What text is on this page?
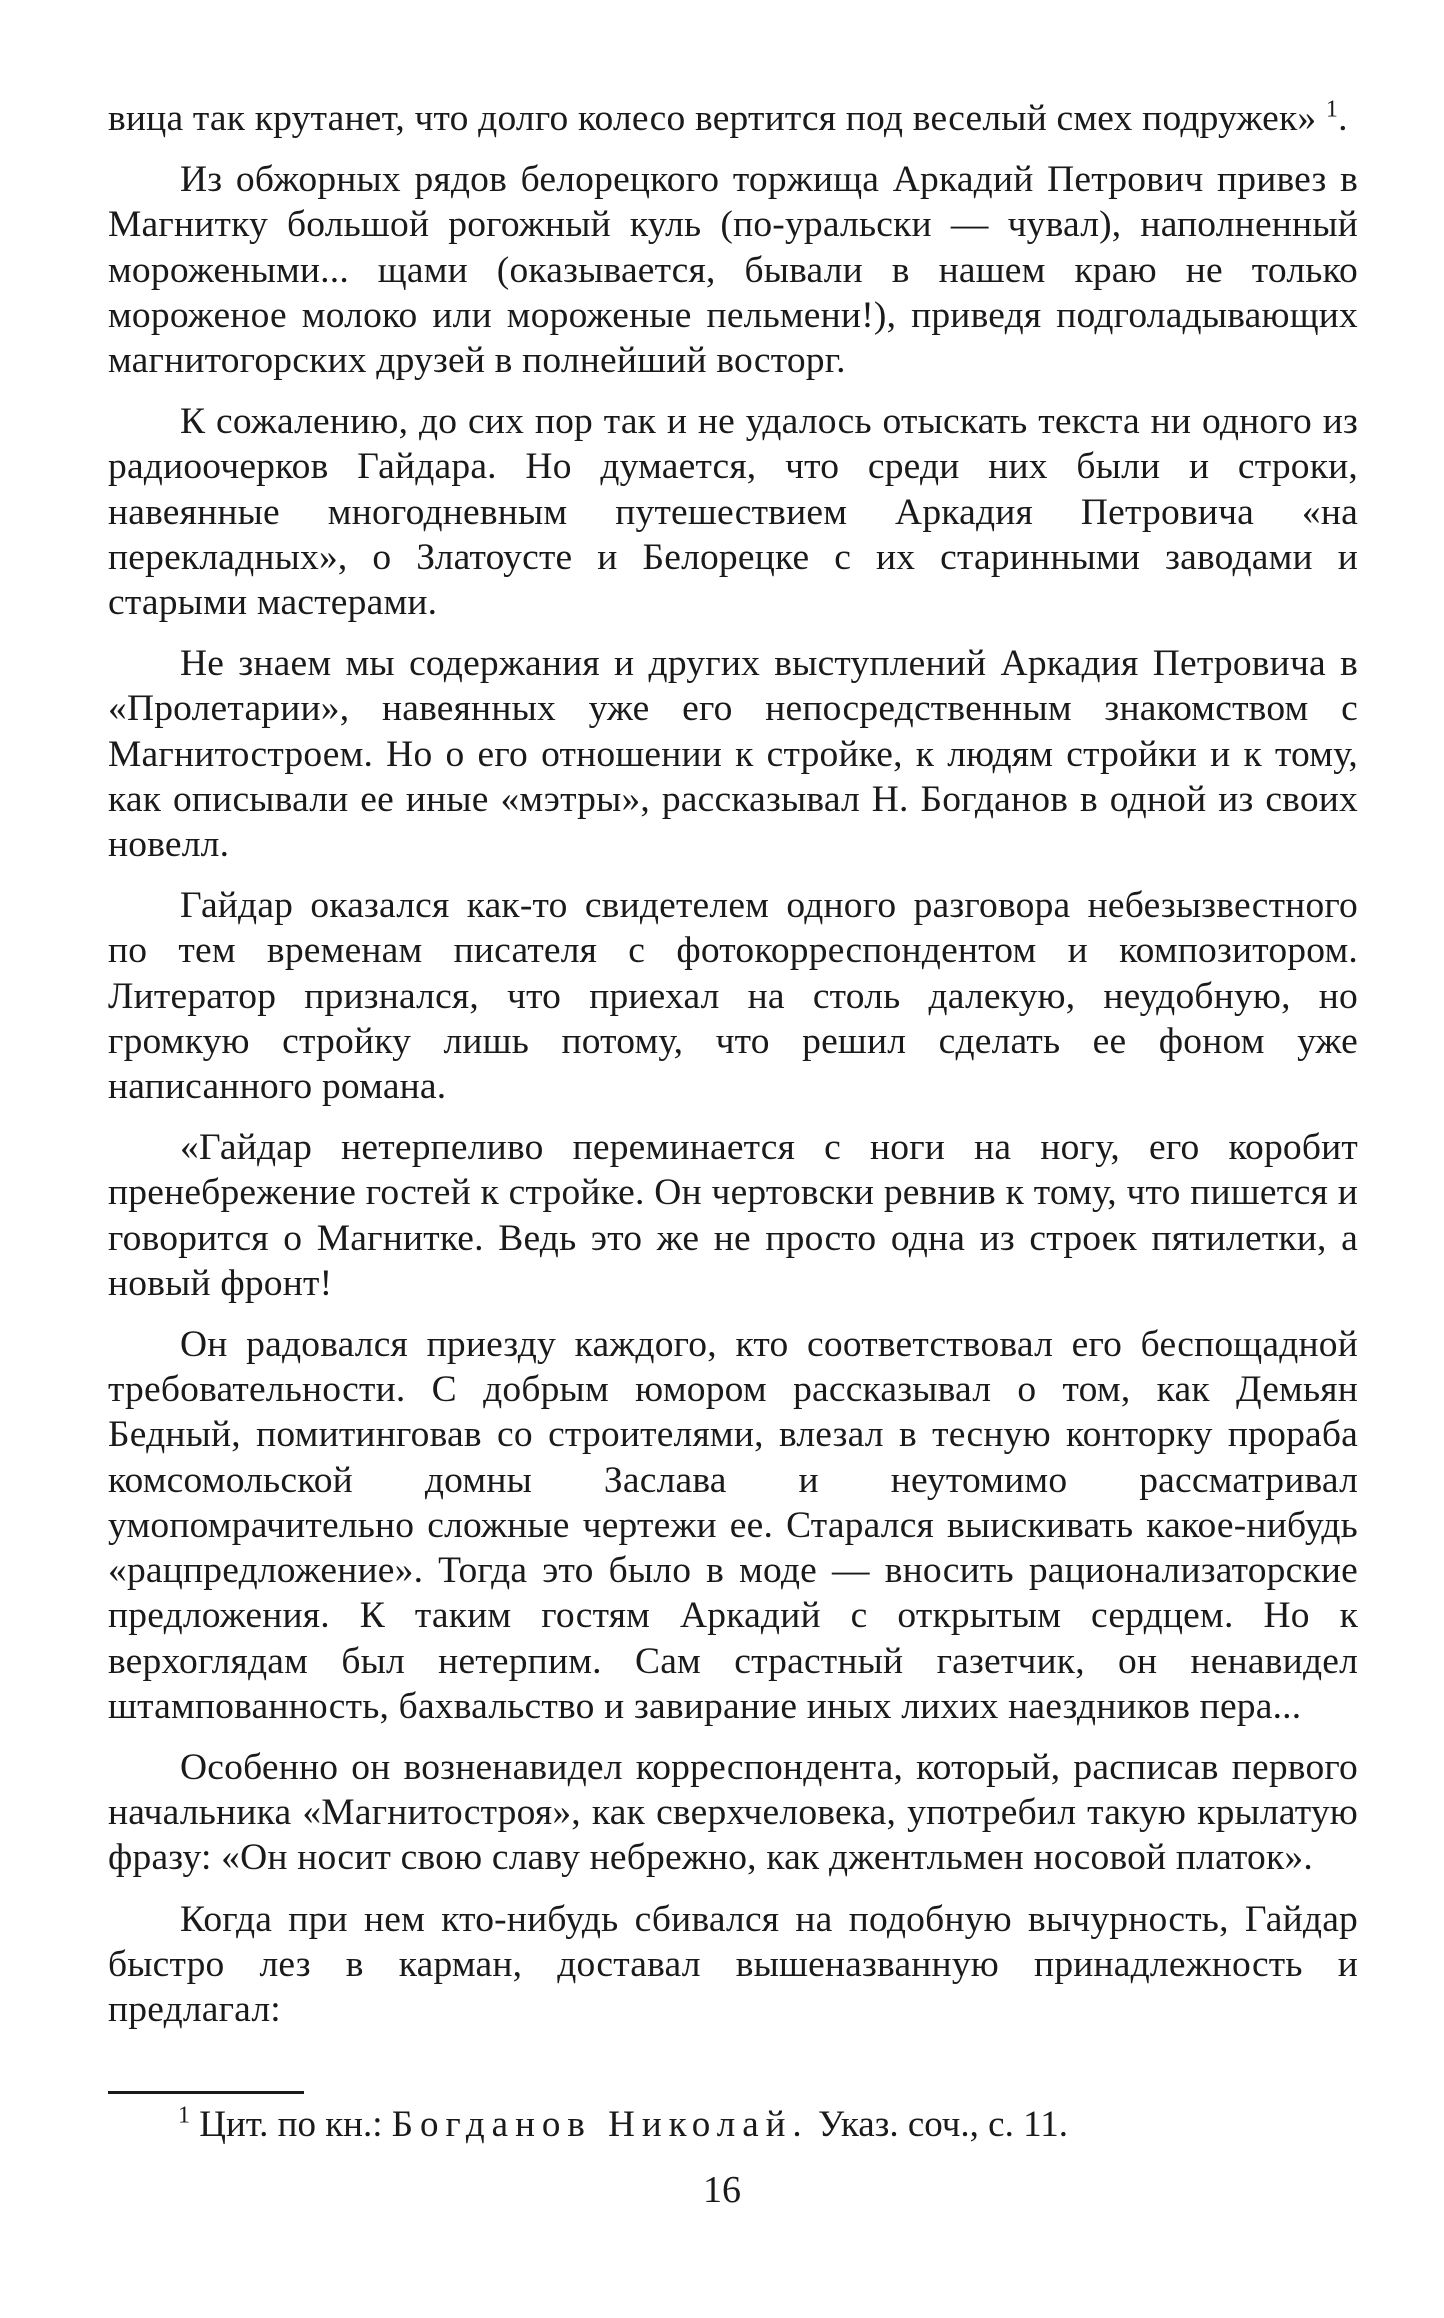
вица так крутанет, что долго колесо вертится под веселый смех подружек» $^1$.

Из обжорных рядов белорецкого торжища Аркадий Петрович привез в Магнитку большой рогожный куль (по-уральски — чувал), наполненный морожеными... щами (оказывается, бывали в нашем краю не только мороженое молоко или мороженые пельмени!), приведя подголадывающих магнитогорских друзей в полнейший восторг.

К сожалению, до сих пор так и не удалось отыскать текста ни одного из радиоочерков Гайдара. Но думается, что среди них были и строки, навеянные многодневным путешествием Аркадия Петровича «на перекладных», о Златоусте и Белорецке с их старинными заводами и старыми мастерами.

Не знаем мы содержания и других выступлений Аркадия Петровича в «Пролетарии», навеянных уже его непосредственным знакомством с Магнитостроем. Но о его отношении к стройке, к людям стройки и к тому, как описывали ее иные «мэтры», рассказывал Н. Богданов в одной из своих новелл.

Гайдар оказался как-то свидетелем одного разговора небезызвестного по тем временам писателя с фотокорреспондентом и композитором. Литератор признался, что приехал на столь далекую, неудобную, но громкую стройку лишь потому, что решил сделать ее фоном уже написанного романа.

«Гайдар нетерпеливо переминается с ноги на ногу, его коробит пренебрежение гостей к стройке. Он чертовски ревнив к тому, что пишется и говорится о Магнитке. Ведь это же не просто одна из строек пятилетки, а новый фронт!

Он радовался приезду каждого, кто соответствовал его беспощадной требовательности. С добрым юмором рассказывал о том, как Демьян Бедный, помитинговав со строителями, влезал в тесную конторку прораба комсомольской домны Заслава и неутомимо рассматривал умопомрачительно сложные чертежи ее. Старался выискивать какое-нибудь «рацпредложение». Тогда это было в моде — вносить рационализаторские предложения. К таким гостям Аркадий с открытым сердцем. Но к верхоглядам был нетерпим. Сам страстный газетчик, он ненавидел штампованность, бахвальство и завирание иных лихих наездников пера...

Особенно он возненавидел корреспондента, который, расписав первого начальника «Магнитостроя», как сверхчеловека, употребил такую крылатую фразу: «Он носит свою славу небрежно, как джентльмен носовой платок».

Когда при нем кто-нибудь сбивался на подобную вычурность, Гайдар быстро лез в карман, доставал вышеназванную принадлежность и предлагал:

$^1$ Цит. по кн.: Богданов Николай. Указ. соч., с. 11.

16
